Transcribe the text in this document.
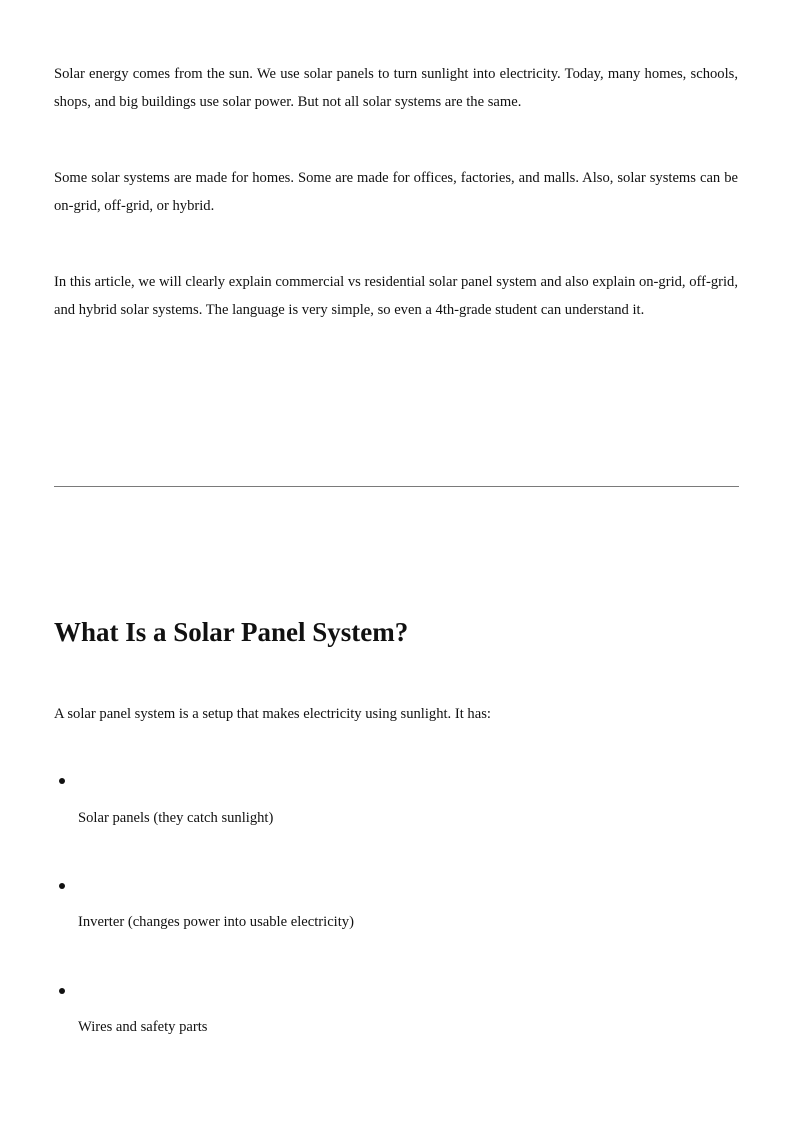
Solar energy comes from the sun. We use solar panels to turn sunlight into electricity. Today, many homes, schools, shops, and big buildings use solar power. But not all solar systems are the same.

Some solar systems are made for homes. Some are made for offices, factories, and malls. Also, solar systems can be on-grid, off-grid, or hybrid.

In this article, we will clearly explain commercial vs residential solar panel system and also explain on-grid, off-grid, and hybrid solar systems. The language is very simple, so even a 4th-grade student can understand it.

What Is a Solar Panel System?

A solar panel system is a setup that makes electricity using sunlight. It has:

Solar panels (they catch sunlight)
Inverter (changes power into usable electricity)
Wires and safety parts
